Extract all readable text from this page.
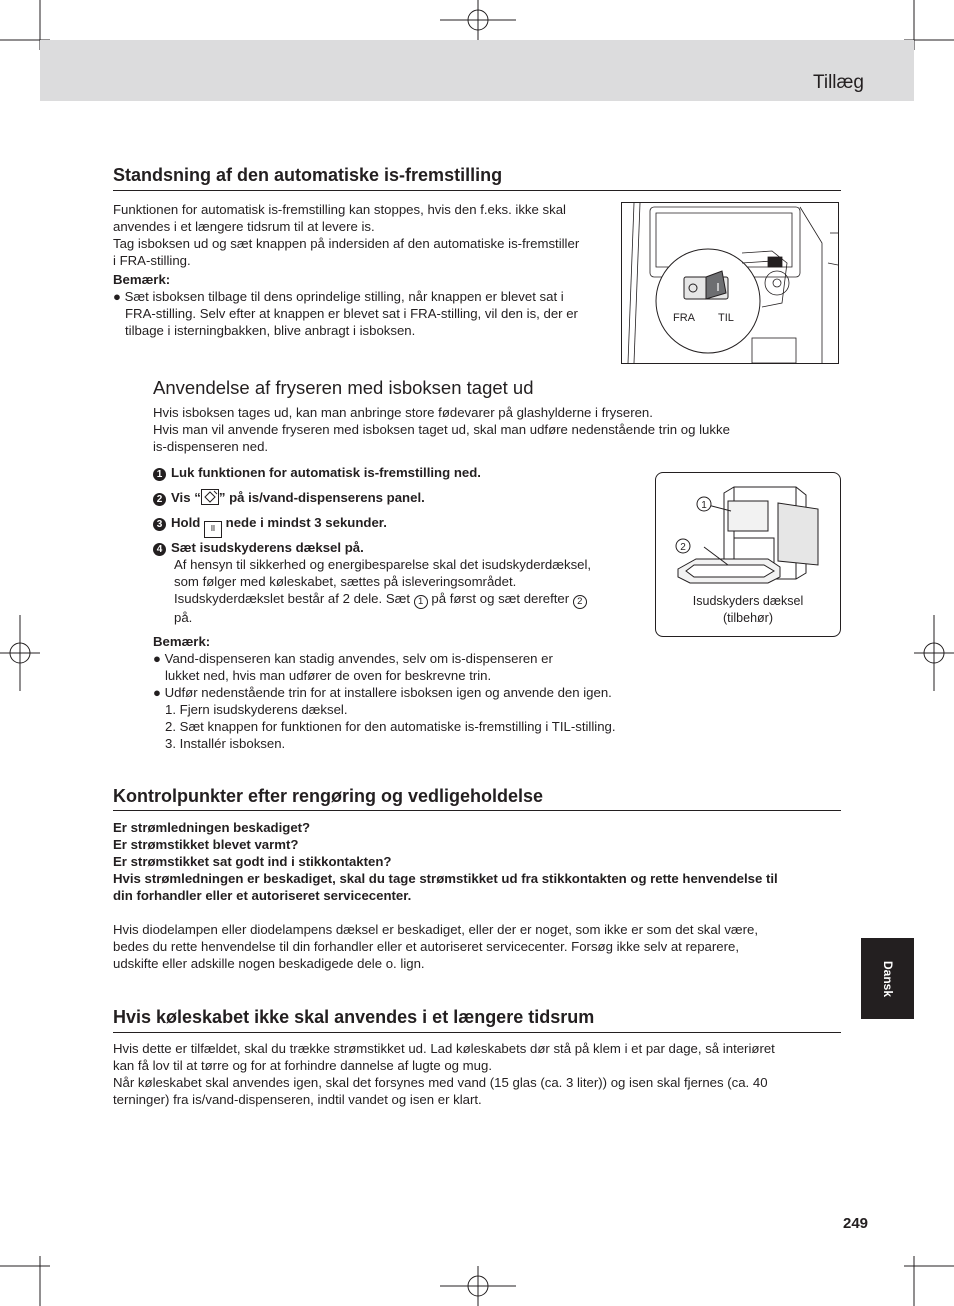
Tillæg
Standsning af den automatiske is-fremstilling

Funktionen for automatisk is-fremstilling kan stoppes, hvis den f.eks. ikke skal

anvendes i et længere tidsrum til at levere is.

Tag isboksen ud og sæt knappen på indersiden af den automatiske is-fremstiller

i FRA-stilling.

Bemærk:

● Sæt isboksen tilbage til dens oprindelige stilling, når knappen er blevet sat i

FRA-stilling. Selv efter at knappen er blevet sat i FRA-stilling, vil den is, der er

tilbage i isterningbakken, blive anbragt i isboksen.

FRA TIL
Anvendelse af fryseren med isboksen taget ud

Hvis isboksen tages ud, kan man anbringe store fødevarer på glashylderne i fryseren.

Hvis man vil anvende fryseren med isboksen taget ud, skal man udføre nedenstående trin og lukke

is-dispenseren ned.

1 Luk funktionen for automatisk is-fremstilling ned.
2 Vis “ ” på is/vand-dispenserens panel.
3 Hold ⠿ nede i mindst 3 sekunder.
4 Sæt isudskyderens dæksel på.

Af hensyn til sikkerhed og energibesparelse skal det isudskyderdæksel,

som følger med køleskabet, sættes på isleveringsområdet.

Isudskyderdækslet består af 2 dele. Sæt 1 på først og sæt derefter 2

på.

Bemærk:

● Vand-dispenseren kan stadig anvendes, selv om is-dispenseren er

lukket ned, hvis man udfører de oven for beskrevne trin.

● Udfør nedenstående trin for at installere isboksen igen og anvende den igen.

1. Fjern isudskyderens dæksel.

2. Sæt knappen for funktionen for den automatiske is-fremstilling i TIL-stilling.

3. Installér isboksen.

1
2
Isudskyders dæksel
(tilbehør)
Kontrolpunkter efter rengøring og vedligeholdelse

Er strømledningen beskadiget?

Er strømstikket blevet varmt?

Er strømstikket sat godt ind i stikkontakten?

Hvis strømledningen er beskadiget, skal du tage strømstikket ud fra stikkontakten og rette henvendelse til

din forhandler eller et autoriseret servicecenter.

Hvis diodelampen eller diodelampens dæksel er beskadiget, eller der er noget, som ikke er som det skal være,

bedes du rette henvendelse til din forhandler eller et autoriseret servicecenter. Forsøg ikke selv at reparere,

udskifte eller adskille nogen beskadigede dele o. lign.

Hvis køleskabet ikke skal anvendes i et længere tidsrum

Hvis dette er tilfældet, skal du trække strømstikket ud. Lad køleskabets dør stå på klem i et par dage, så interiøret

kan få lov til at tørre og for at forhindre dannelse af lugte og mug.

Når køleskabet skal anvendes igen, skal det forsynes med vand (15 glas (ca. 3 liter)) og isen skal fjernes (ca. 40

terninger) fra is/vand-dispenseren, indtil vandet og isen er klart.

Dansk
249
